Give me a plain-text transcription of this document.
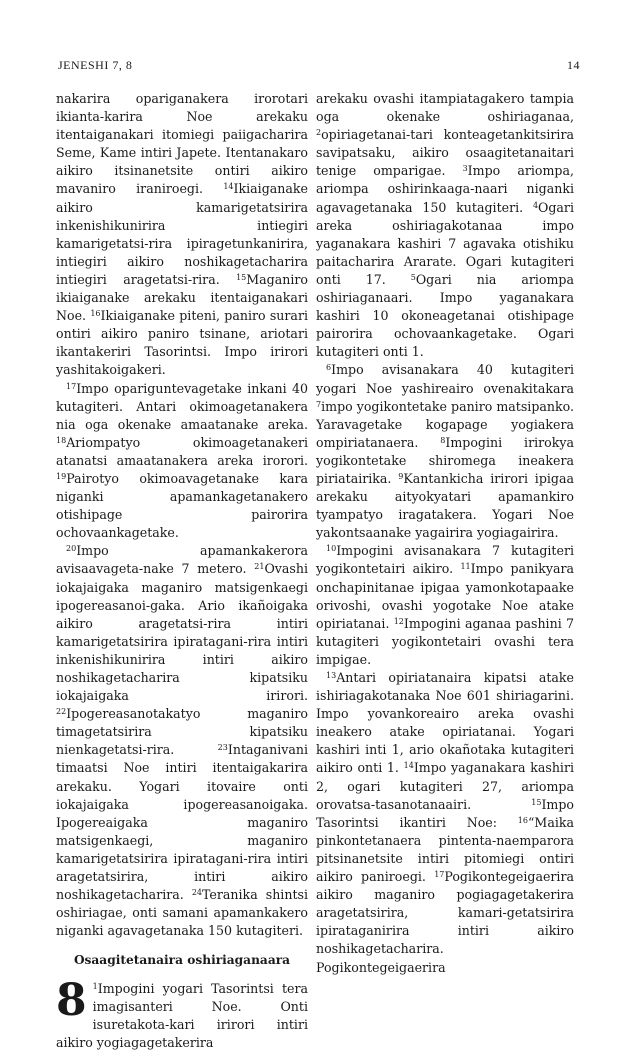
JENESHI 7, 8	14

nakarira opariganakera irorotari ikianta-karira Noe arekaku itentaiganakari itomiegi paiigacharira Seme, Kame intiri Japete. Itentanakaro aikiro itsinanetsite ontiri aikiro mavaniro iraniroegi.	$^{14}$Ikiaiganake aikiro kamarigetatsirira inkenishikunirira intiegiri kamarigetatsi-rira ipiragetunkanirira, intiegiri aikiro noshikagetacharira intiegiri aragetatsi-rira. $^{15}$Maganiro ikiaiganake arekaku itentaiganakari Noe. $^{16}$Ikiaiganake piteni, paniro surari ontiri aikiro paniro tsinane, ariotari ikantakeriri Tasorintsi. Impo irirori yashitakoigakeri.

$^{17}$Impo opariguntevagetake inkani 40 kutagiteri. Antari okimoagetanakera nia oga okenake amaatanake areka. $^{18}$Ariompatyo okimoagetanakeri atanatsi amaatanakera areka irorori. $^{19}$Pairotyo okimoavagetanake kara niganki apamankagetanakero otishipage pairorira ochovaankagetake.

$^{20}$Impo apamankakerora avisaavageta-nake 7 metero. $^{21}$Ovashi iokajaigaka maganiro matsigenkaegi ipogereasanoi-gaka. Ario ikañoigaka aikiro aragetatsi-rira intiri kamarigetatsirira ipiratagani-rira intiri inkenishikunirira intiri aikiro noshikagetacharira kipatsiku iokajaigaka irirori. $^{22}$Ipogereasanotakatyo maganiro timagetatsirira kipatsiku nienkagetatsi-rira.	$^{23}$Intaganivani timaatsi Noe intiri itentaigakarira arekaku. Yogari itovaire onti iokajaigaka ipogereasanoigaka. Ipogereaigaka maganiro matsigenkaegi, maganiro kamarigetatsirira ipiratagani-rira intiri aragetatsirira, intiri aikiro noshikagetacharira. $^{24}$Teranika shintsi oshiriagae, onti samani apamankakero niganki agavagetanaka 150 kutagiteri.

Osaagitetanaira oshiriaganaara

8 $^1$Impogini yogari Tasorintsi tera imagisanteri Noe. Onti isuretakota-kari irirori intiri aikiro yogiagagetakerira

arekaku ovashi itampiatagakero tampia oga okenake oshiriaganaa, $^2$opiriagetanai-tari konteagetankitsirira savipatsaku, aikiro osaagitetanaitari tenige omparigae. $^3$Impo ariompa, ariompa oshirinkaaga-naari niganki agavagetanaka 150 kutagiteri. $^4$Ogari areka oshiriagakotanaa impo yaganakara kashiri 7 agavaka otishiku paitacharira Ararate. Ogari kutagiteri onti 17.	$^5$Ogari nia ariompa oshiriaganaari. Impo yaganakara kashiri 10 okoneagetanai otishipage pairorira ochovaankagetake. Ogari kutagiteri onti 1.

$^6$Impo avisanakara 40 kutagiteri yogari Noe yashireairo ovenakitakara $^7$impo yogikontetake paniro matsipanko. Yaravagetake kogapage yogiakera ompiriatanaera.	$^8$Impogini irirokya yogikontetake shiromega ineakera piriatairika. $^9$Kantankicha irirori ipigaa arekaku aityokyatari apamankiro tyampatyo iragatakera. Yogari Noe yakontsaanake yagairira yogiagairira.

$^{10}$Impogini avisanakara 7 kutagiteri yogikontetairi aikiro. $^{11}$Impo panikyara onchapinitanae ipigaa yamonkotapaake orivoshi, ovashi yogotake Noe atake opiriatanai. $^{12}$Impogini aganaa pashini 7 kutagiteri yogikontetairi ovashi tera impigae.

$^{13}$Antari opiriatanaira kipatsi atake ishiriagakotanaka Noe 601 shiriagarini. Impo yovankoreairo areka ovashi ineakero atake opiriatanai. Yogari kashiri inti 1, ario okañotaka kutagiteri aikiro onti 1. $^{14}$Impo yaganakara kashiri 2, ogari kutagiteri 27, ariompa orovatsa-tasanotanaairi.	$^{15}$Impo Tasorintsi ikantiri Noe:	$^{16}$“Maika pinkontetanaera pintenta-naemparora pitsinanetsite intiri pitomiegi ontiri aikiro paniroegi. $^{17}$Pogikontegeigaerira aikiro maganiro pogiagagetakerira aragetatsirira, kamari-getatsirira ipirataganirira intiri aikiro noshikagetacharira. Pogikontegeigaerira
